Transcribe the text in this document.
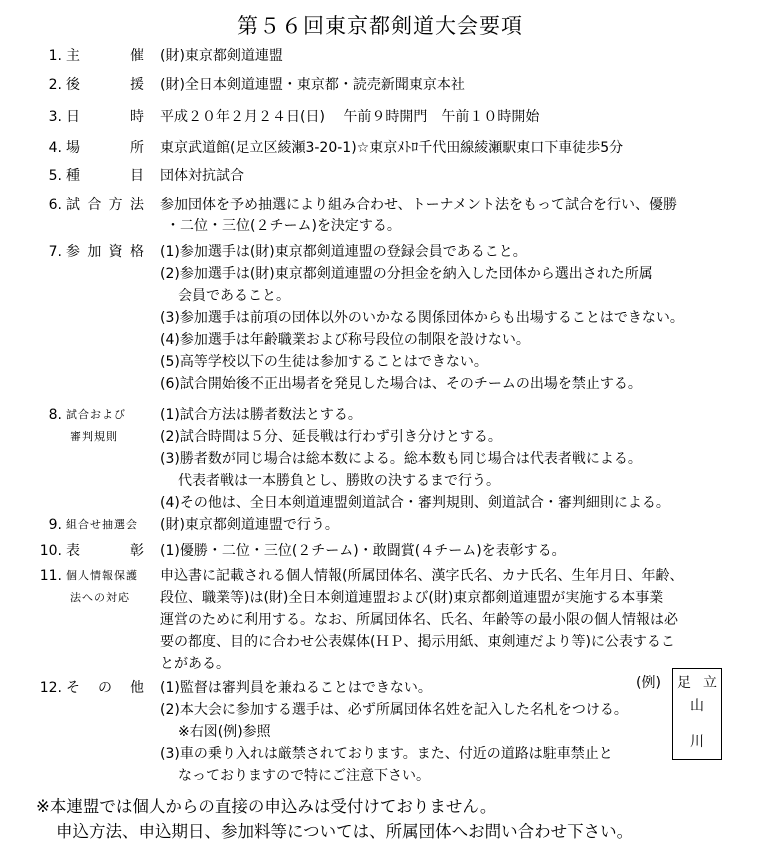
第５６回東京都剣道大会要項
1. 主	催 (財)東京都剣道連盟
2. 後	援 (財)全日本剣道連盟・東京都・読売新聞東京本社
3. 日	時 平成２０年２月２４日(日)　 午前９時開門　午前１０時開始
4. 場	所 東京武道館(足立区綾瀬3-20-1)☆東京ﾒﾄﾛ千代田線綾瀬駅東口下車徒歩5分
5. 種	目 団体対抗試合
6. 試 合 方 法 参加団体を予め抽選により組み合わせ、トーナメント法をもって試合を行い、優勝
・二位・三位(２チーム)を決定する。
7. 参 加 資 格 (1)参加選手は(財)東京都剣道連盟の登録会員であること。
(2)参加選手は(財)東京都剣道連盟の分担金を納入した団体から選出された所属
会員であること。
(3)参加選手は前項の団体以外のいかなる関係団体からも出場することはできない。
(4)参加選手は年齢職業および称号段位の制限を設けない。
(5)高等学校以下の生徒は参加することはできない。
(6)試合開始後不正出場者を発見した場合は、そのチームの出場を禁止する。
8. 試合および	(1)試合方法は勝者数法とする。
審判規則	(2)試合時間は５分、延長戦は行わず引き分けとする。
(3)勝者数が同じ場合は総本数による。総本数も同じ場合は代表者戦による。
代表者戦は一本勝負とし、勝敗の決するまで行う。
(4)その他は、全日本剣道連盟剣道試合・審判規則、剣道試合・審判細則による。
9. 組合せ抽選会	(財)東京都剣道連盟で行う。
10. 表	彰 (1)優勝・二位・三位(２チーム)・敢闘賞(４チーム)を表彰する。
11. 個人情報保護	申込書に記載される個人情報(所属団体名、漢字氏名、カナ氏名、生年月日、年齢、
法への対応	段位、職業等)は(財)全日本剣道連盟および(財)東京都剣道連盟が実施する本事業
運営のために利用する。なお、所属団体名、氏名、年齢等の最小限の個人情報は必
要の都度、目的に合わせ公表媒体(ＨＰ、掲示用紙、東剣連だより等)に公表するこ
とがある。
12. そ の 他 (1)監督は審判員を兼ねることはできない。
(2)本大会に参加する選手は、必ず所属団体名姓を記入した名札をつける。
※右図(例)参照
(3)車の乗り入れは厳禁されております。また、付近の道路は駐車禁止と
なっておりますので特にご注意下さい。
(例) 足 立
山
川
※本連盟では個人からの直接の申込みは受付けておりません。
申込方法、申込期日、参加料等については、所属団体へお問い合わせ下さい。
